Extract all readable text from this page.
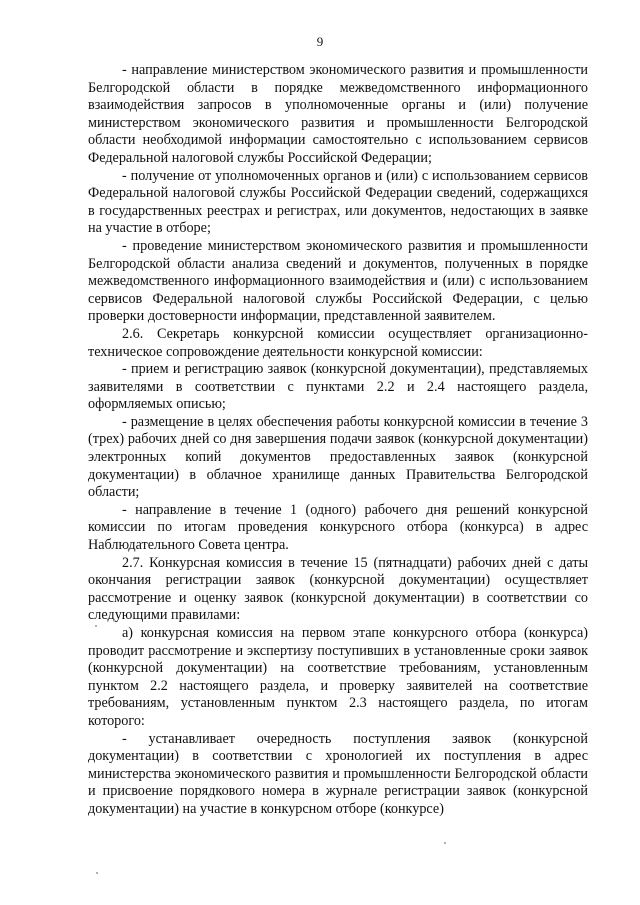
9

- направление министерством экономического развития и промышленности Белгородской области в порядке межведомственного информационного взаимодействия запросов в уполномоченные органы и (или) получение министерством экономического развития и промышленности Белгородской области необходимой информации самостоятельно с использованием сервисов Федеральной налоговой службы Российской Федерации;

- получение от уполномоченных органов и (или) с использованием сервисов Федеральной налоговой службы Российской Федерации сведений, содержащихся в государственных реестрах и регистрах, или документов, недостающих в заявке на участие в отборе;

- проведение министерством экономического развития и промышленности Белгородской области анализа сведений и документов, полученных в порядке межведомственного информационного взаимодействия и (или) с использованием сервисов Федеральной налоговой службы Российской Федерации, с целью проверки достоверности информации, представленной заявителем.

2.6. Секретарь конкурсной комиссии осуществляет организационно-техническое сопровождение деятельности конкурсной комиссии:

- прием и регистрацию заявок (конкурсной документации), представляемых заявителями в соответствии с пунктами 2.2 и 2.4 настоящего раздела, оформляемых описью;

- размещение в целях обеспечения работы конкурсной комиссии в течение 3 (трех) рабочих дней со дня завершения подачи заявок (конкурсной документации) электронных копий документов предоставленных заявок (конкурсной документации) в облачное хранилище данных Правительства Белгородской области;

- направление в течение 1 (одного) рабочего дня решений конкурсной комиссии по итогам проведения конкурсного отбора (конкурса) в адрес Наблюдательного Совета центра.

2.7. Конкурсная комиссия в течение 15 (пятнадцати) рабочих дней с даты окончания регистрации заявок (конкурсной документации) осуществляет рассмотрение и оценку заявок (конкурсной документации) в соответствии со следующими правилами:

а) конкурсная комиссия на первом этапе конкурсного отбора (конкурса) проводит рассмотрение и экспертизу поступивших в установленные сроки заявок (конкурсной документации) на соответствие требованиям, установленным пунктом 2.2 настоящего раздела, и проверку заявителей на соответствие требованиям, установленным пунктом 2.3 настоящего раздела, по итогам которого:

- устанавливает очередность поступления заявок (конкурсной документации) в соответствии с хронологией их поступления в адрес министерства экономического развития и промышленности Белгородской области и присвоение порядкового номера в журнале регистрации заявок (конкурсной документации) на участие в конкурсном отборе (конкурсе)
